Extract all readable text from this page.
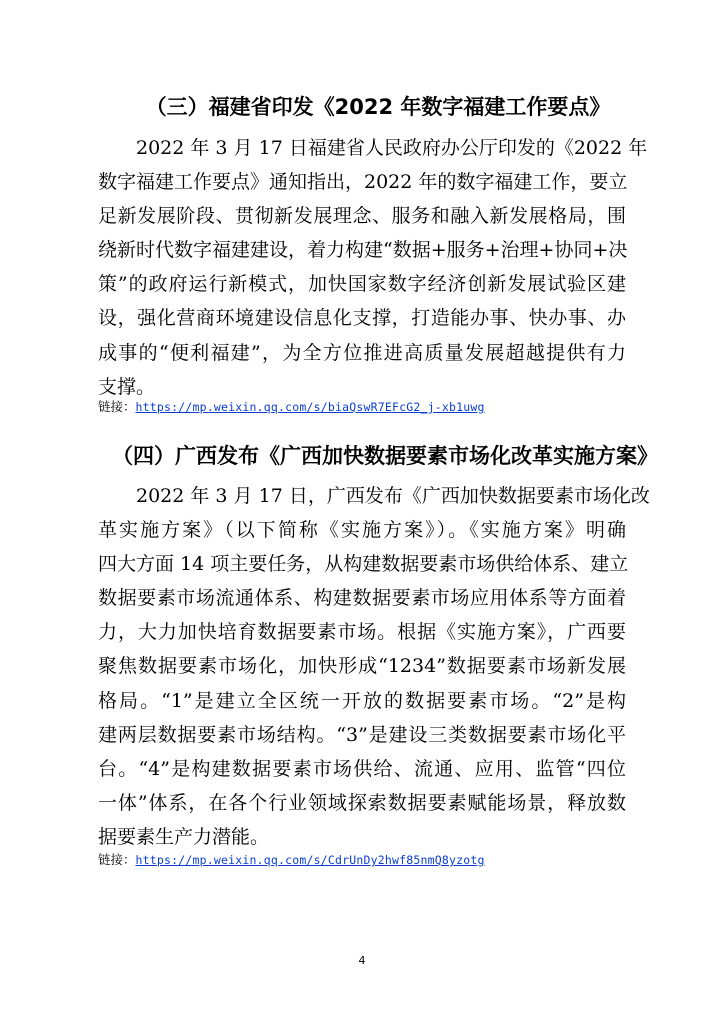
（三）福建省印发《2022 年数字福建工作要点》
　　2022 年 3 月 17 日福建省人民政府办公厅印发的《2022 年
数字福建工作要点》通知指出，2022 年的数字福建工作，要立
足新发展阶段、贯彻新发展理念、服务和融入新发展格局，围
绕新时代数字福建建设，着力构建“数据+服务+治理+协同+决
策”的政府运行新模式，加快国家数字经济创新发展试验区建
设，强化营商环境建设信息化支撑，打造能办事、快办事、办
成事的“便利福建”，为全方位推进高质量发展超越提供有力
支撑。
链接：https://mp.weixin.qq.com/s/biaQswR7EFcG2_j-xb1uwg
（四）广西发布《广西加快数据要素市场化改革实施方案》
　　2022 年 3 月 17 日，广西发布《广西加快数据要素市场化改
革实施方案》（以下简称《实施方案》）。《实施方案》明确
四大方面 14 项主要任务，从构建数据要素市场供给体系、建立
数据要素市场流通体系、构建数据要素市场应用体系等方面着
力，大力加快培育数据要素市场。根据《实施方案》，广西要
聚焦数据要素市场化，加快形成“1234”数据要素市场新发展
格局。“1”是建立全区统一开放的数据要素市场。“2”是构
建两层数据要素市场结构。“3”是建设三类数据要素市场化平
台。“4”是构建数据要素市场供给、流通、应用、监管“四位
一体”体系，在各个行业领域探索数据要素赋能场景，释放数
据要素生产力潜能。
链接：https://mp.weixin.qq.com/s/CdrUnDy2hwf85nmQ8yzotg
4
